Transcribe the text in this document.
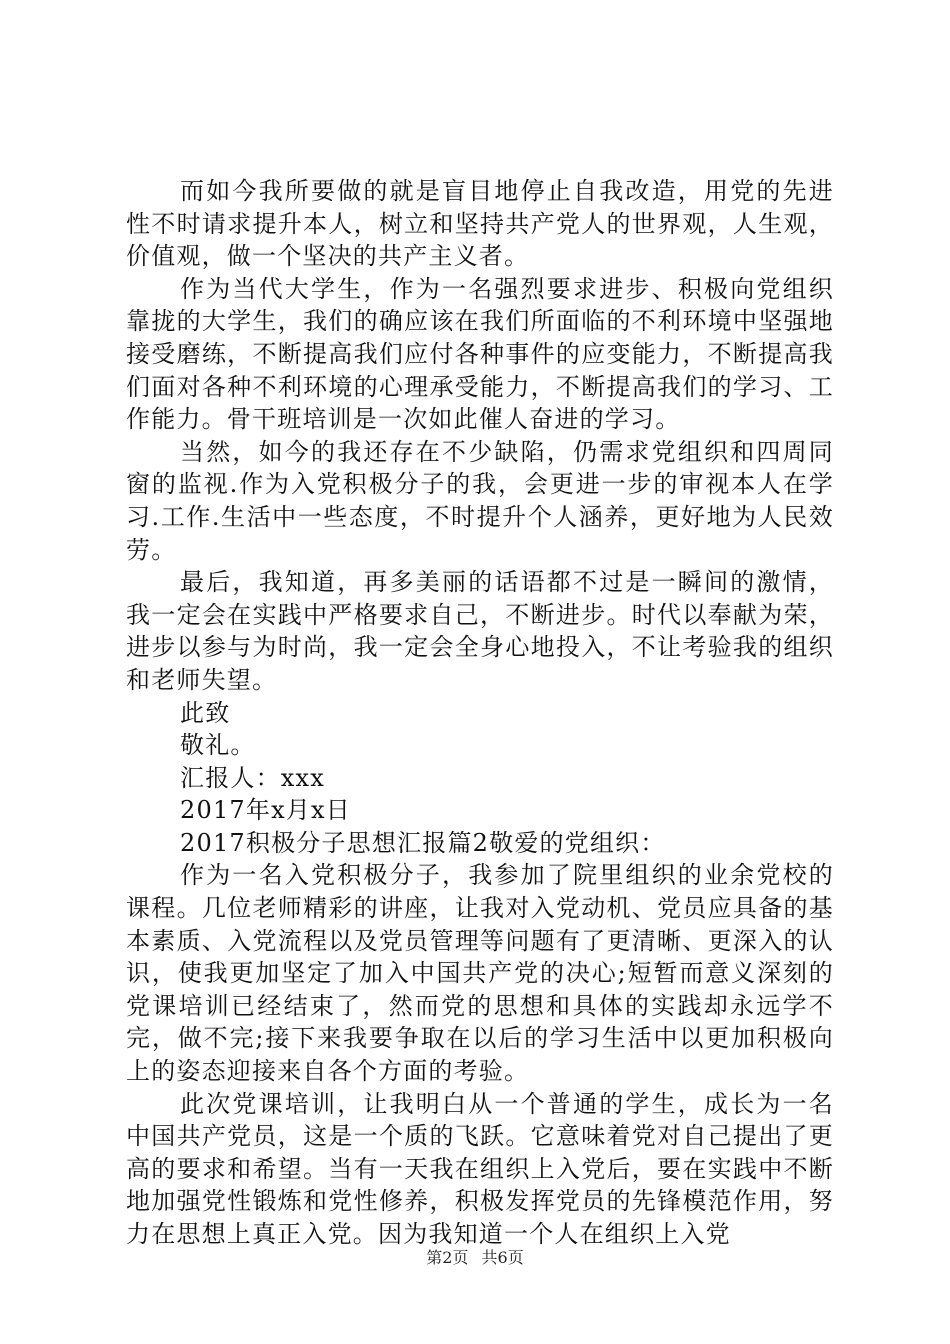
而如今我所要做的就是盲目地停止自我改造，用党的先进性不时请求提升本人，树立和坚持共产党人的世界观，人生观，价值观，做一个坚决的共产主义者。

作为当代大学生，作为一名强烈要求进步、积极向党组织靠拢的大学生，我们的确应该在我们所面临的不利环境中坚强地接受磨练，不断提高我们应付各种事件的应变能力，不断提高我们面对各种不利环境的心理承受能力，不断提高我们的学习、工作能力。骨干班培训是一次如此催人奋进的学习。

当然，如今的我还存在不少缺陷，仍需求党组织和四周同窗的监视.作为入党积极分子的我，会更进一步的审视本人在学习.工作.生活中一些态度，不时提升个人涵养，更好地为人民效劳。

最后，我知道，再多美丽的话语都不过是一瞬间的激情，我一定会在实践中严格要求自己，不断进步。时代以奉献为荣，进步以参与为时尚，我一定会全身心地投入，不让考验我的组织和老师失望。

此致

敬礼。

汇报人：xxx

2017年x月x日

2017积极分子思想汇报篇2敬爱的党组织：

作为一名入党积极分子，我参加了院里组织的业余党校的课程。几位老师精彩的讲座，让我对入党动机、党员应具备的基本素质、入党流程以及党员管理等问题有了更清晰、更深入的认识，使我更加坚定了加入中国共产党的决心;短暂而意义深刻的党课培训已经结束了，然而党的思想和具体的实践却永远学不完，做不完;接下来我要争取在以后的学习生活中以更加积极向上的姿态迎接来自各个方面的考验。

此次党课培训，让我明白从一个普通的学生，成长为一名中国共产党员，这是一个质的飞跃。它意味着党对自己提出了更高的要求和希望。当有一天我在组织上入党后，要在实践中不断地加强党性锻炼和党性修养，积极发挥党员的先锋模范作用，努力在思想上真正入党。因为我知道一个人在组织上入党

第2页 共6页
